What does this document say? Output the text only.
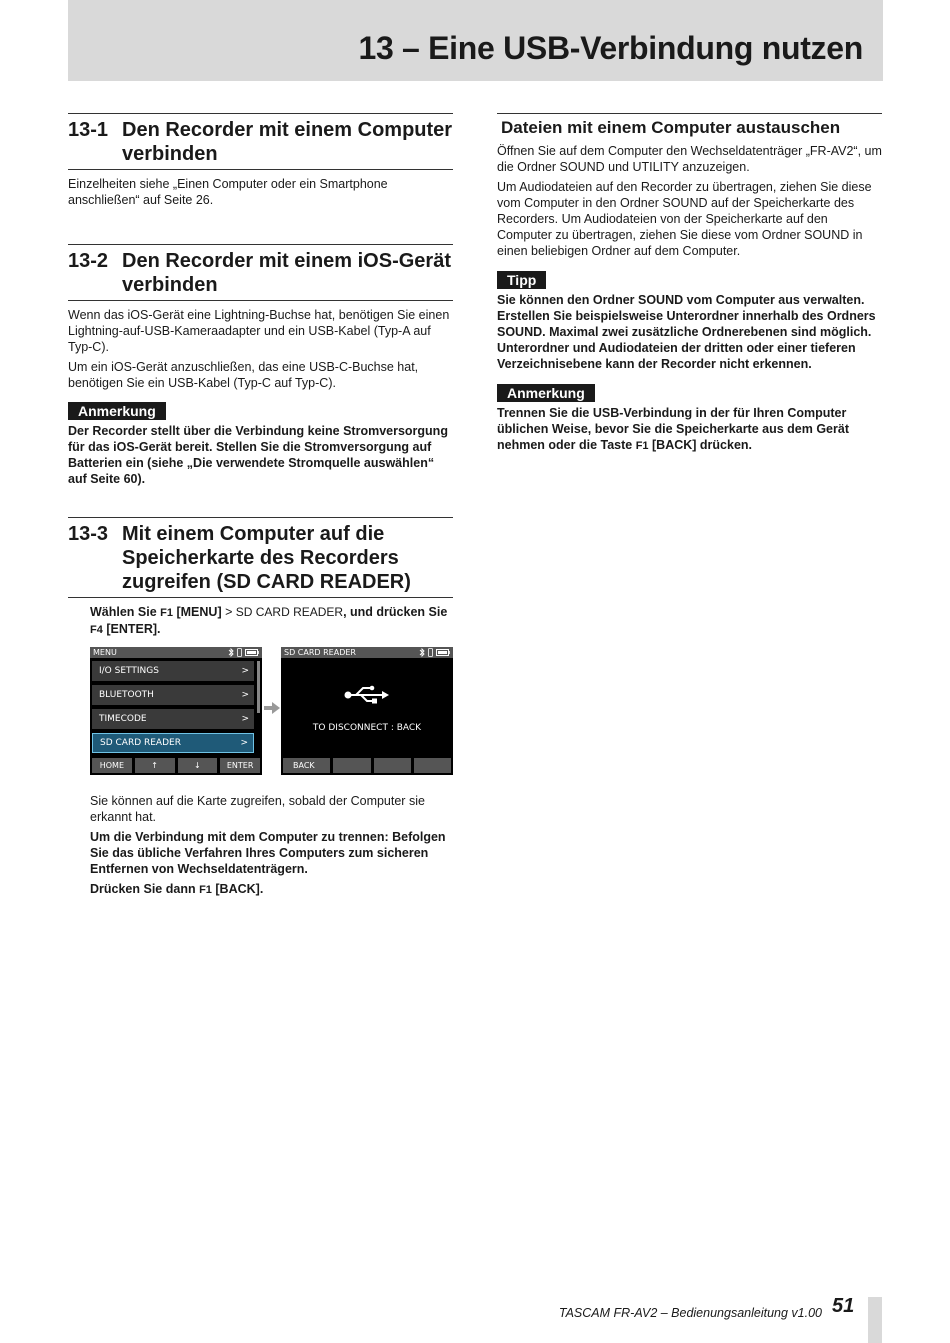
13 – Eine USB-Verbindung nutzen
13-1 Den Recorder mit einem Computer verbinden

Einzelheiten siehe „Einen Computer oder ein Smartphone anschließen“ auf Seite 26.

13-2 Den Recorder mit einem iOS-Gerät verbinden

Wenn das iOS-Gerät eine Lightning-Buchse hat, benötigen Sie einen Lightning-auf-USB-Kameraadapter und ein USB-Kabel (Typ-A auf Typ-C).

Um ein iOS-Gerät anzuschließen, das eine USB-C-Buchse hat, benötigen Sie ein USB-Kabel (Typ-C auf Typ-C).

Anmerkung

Der Recorder stellt über die Verbindung keine Stromversorgung für das iOS-Gerät bereit. Stellen Sie die Stromversorgung auf Batterien ein (siehe „Die verwendete Stromquelle auswählen“ auf Seite 60).

13-3 Mit einem Computer auf die Speicherkarte des Recorders zugreifen (SD CARD READER)

Wählen Sie F1 [MENU] > SD CARD READER, und drücken Sie F4 [ENTER].

MENU
I/O SETTINGS	>
BLUETOOTH	>
TIMECODE	>
SD CARD READER	>
HOME	↑	↓	ENTER
SD CARD READER
TO DISCONNECT : BACK
BACK

Sie können auf die Karte zugreifen, sobald der Computer sie erkannt hat.

Um die Verbindung mit dem Computer zu trennen: Befolgen Sie das übliche Verfahren Ihres Computers zum sicheren Entfernen von Wechseldatenträgern.

Drücken Sie dann F1 [BACK].

Dateien mit einem Computer austauschen

Öffnen Sie auf dem Computer den Wechseldatenträger „FR-AV2“, um die Ordner SOUND und UTILITY anzuzeigen.

Um Audiodateien auf den Recorder zu übertragen, ziehen Sie diese vom Computer in den Ordner SOUND auf der Speicherkarte des Recorders. Um Audiodateien von der Speicherkarte auf den Computer zu übertragen, ziehen Sie diese vom Ordner SOUND in einen beliebigen Ordner auf dem Computer.

Tipp

Sie können den Ordner SOUND vom Computer aus verwalten. Erstellen Sie beispielsweise Unterordner innerhalb des Ordners SOUND. Maximal zwei zusätzliche Ordnerebenen sind möglich. Unterordner und Audiodateien der dritten oder einer tieferen Verzeichnisebene kann der Recorder nicht erkennen.

Anmerkung

Trennen Sie die USB-Verbindung in der für Ihren Computer üblichen Weise, bevor Sie die Speicherkarte aus dem Gerät nehmen oder die Taste F1 [BACK] drücken.

TASCAM FR-AV2 – Bedienungsanleitung v1.00 51
